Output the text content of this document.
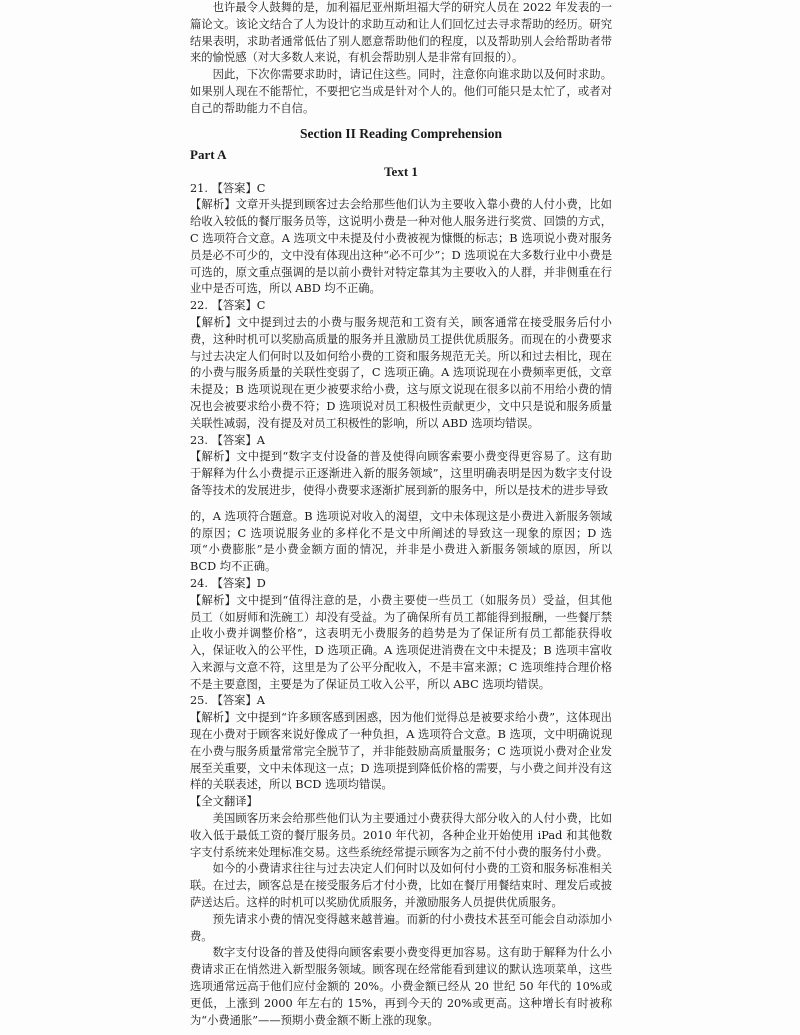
也许最令人鼓舞的是，加利福尼亚州斯坦福大学的研究人员在 2022 年发表的一篇论文。该论文结合了人为设计的求助互动和让人们回忆过去寻求帮助的经历。研究结果表明，求助者通常低估了别人愿意帮助他们的程度，以及帮助别人会给帮助者带来的愉悦感（对大多数人来说，有机会帮助别人是非常有回报的）。

因此，下次你需要求助时，请记住这些。同时，注意你向谁求助以及何时求助。如果别人现在不能帮忙，不要把它当成是针对个人的。他们可能只是太忙了，或者对自己的帮助能力不自信。

Section II Reading Comprehension
Part A
Text 1

21. 【答案】C

【解析】文章开头提到顾客过去会给那些他们认为主要收入靠小费的人付小费，比如给收入较低的餐厅服务员等，这说明小费是一种对他人服务进行奖赏、回馈的方式，C 选项符合文意。A 选项文中未提及付小费被视为慷慨的标志；B 选项说小费对服务员是必不可少的，文中没有体现出这种“必不可少”；D 选项说在大多数行业中小费是可选的，原文重点强调的是以前小费针对特定靠其为主要收入的人群，并非侧重在行业中是否可选，所以 ABD 均不正确。

22. 【答案】C

【解析】文中提到过去的小费与服务规范和工资有关，顾客通常在接受服务后付小费，这种时机可以奖励高质量的服务并且激励员工提供优质服务。而现在的小费要求与过去决定人们何时以及如何给小费的工资和服务规范无关。所以和过去相比，现在的小费与服务质量的关联性变弱了，C 选项正确。A 选项说现在小费频率更低，文章未提及；B 选项说现在更少被要求给小费，这与原文说现在很多以前不用给小费的情况也会被要求给小费不符；D 选项说对员工积极性贡献更少，文中只是说和服务质量关联性减弱，没有提及对员工积极性的影响，所以 ABD 选项均错误。

23. 【答案】A

【解析】文中提到“数字支付设备的普及使得向顾客索要小费变得更容易了。这有助于解释为什么小费提示正逐渐进入新的服务领域”，这里明确表明是因为数字支付设备等技术的发展进步，使得小费要求逐渐扩展到新的服务中，所以是技术的进步导致

的，A 选项符合题意。B 选项说对收入的渴望，文中未体现这是小费进入新服务领域的原因；C 选项说服务业的多样化不是文中所阐述的导致这一现象的原因；D 选项“小费膨胀”是小费金额方面的情况，并非是小费进入新服务领域的原因，所以 BCD 均不正确。

24. 【答案】D

【解析】文中提到“值得注意的是，小费主要使一些员工（如服务员）受益，但其他员工（如厨师和洗碗工）却没有受益。为了确保所有员工都能得到报酬，一些餐厅禁止收小费并调整价格”，这表明无小费服务的趋势是为了保证所有员工都能获得收入，保证收入的公平性，D 选项正确。A 选项促进消费在文中未提及；B 选项丰富收入来源与文意不符，这里是为了公平分配收入，不是丰富来源；C 选项维持合理价格不是主要意图，主要是为了保证员工收入公平，所以 ABC 选项均错误。

25. 【答案】A

【解析】文中提到“许多顾客感到困惑，因为他们觉得总是被要求给小费”，这体现出现在小费对于顾客来说好像成了一种负担，A 选项符合文意。B 选项，文中明确说现在小费与服务质量常常完全脱节了，并非能鼓励高质量服务；C 选项说小费对企业发展至关重要，文中未体现这一点；D 选项提到降低价格的需要，与小费之间并没有这样的关联表述，所以 BCD 选项均错误。

【全文翻译】

美国顾客历来会给那些他们认为主要通过小费获得大部分收入的人付小费，比如收入低于最低工资的餐厅服务员。2010 年代初，各种企业开始使用 iPad 和其他数字支付系统来处理标准交易。这些系统经常提示顾客为之前不付小费的服务付小费。

如今的小费请求往往与过去决定人们何时以及如何付小费的工资和服务标准相关联。在过去，顾客总是在接受服务后才付小费，比如在餐厅用餐结束时、理发后或披萨送达后。这样的时机可以奖励优质服务，并激励服务人员提供优质服务。

预先请求小费的情况变得越来越普遍。而新的付小费技术甚至可能会自动添加小费。

数字支付设备的普及使得向顾客索要小费变得更加容易。这有助于解释为什么小费请求正在悄然进入新型服务领域。顾客现在经常能看到建议的默认选项菜单，这些选项通常远高于他们应付金额的 20%。小费金额已经从 20 世纪 50 年代的 10%或更低，上涨到 2000 年左右的 15%，再到今天的 20%或更高。这种增长有时被称为“小费通胀”——预期小费金额不断上涨的现象。
